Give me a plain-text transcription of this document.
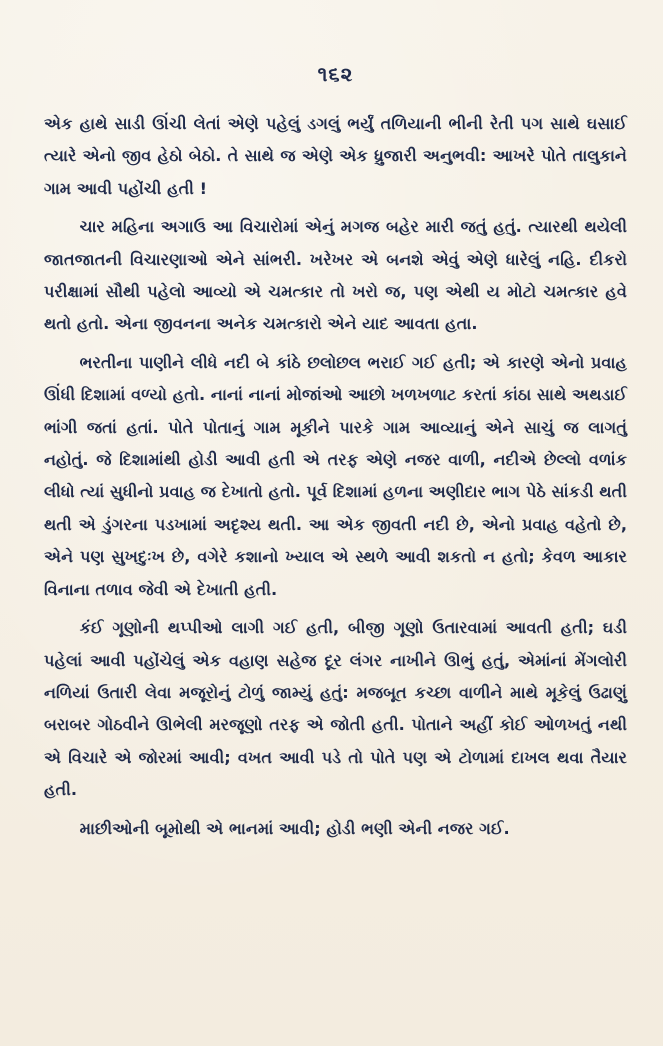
૧૬૨

એક હાથે સાડી ઊંચી લેતાં એણે પહેલું ડગલું ભર્યું તળિયાની ભીની રેતી પગ સાથે ઘસાઈ ત્યારે એનો જીવ હેઠો બેઠો. તે સાથે જ એણે એક ધ્રુજારી અનુભવી: આખરે પોતે તાલુકાને ગામ આવી પહોંચી હતી !

ચાર મહિના અગાઉ આ વિચારોમાં એનું મગજ બહેર મારી જતું હતું. ત્યારથી થયેલી જાતજાતની વિચારણાઓ એને સાંભરી. ખરેખર એ બનશે એવું એણે ધારેલું નહિ. દીકરો પરીક્ષામાં સૌથી પહેલો આવ્યો એ ચમત્કાર તો ખરો જ, પણ એથી ય મોટો ચમત્કાર હવે થતો હતો. એના જીવનના અનેક ચમત્કારો એને યાદ આવતા હતા.

ભરતીના પાણીને લીધે નદી બે કાંઠે છલોછલ ભરાઈ ગઈ હતી; એ કારણે એનો પ્રવાહ ઊંધી દિશામાં વળ્યો હતો. નાનાં નાનાં મોજાંઓ આછો ખળખળાટ કરતાં કાંઠા સાથે અથડાઈ ભાંગી જતાં હતાં. પોતે પોતાનું ગામ મૂકીને પારકે ગામ આવ્યાનું એને સાચું જ લાગતું નહોતું. જે દિશામાંથી હોડી આવી હતી એ તરફ એણે નજર વાળી, નદીએ છેલ્લો વળાંક લીધો ત્યાં સુધીનો પ્રવાહ જ દેખાતો હતો. પૂર્વ દિશામાં હળના અણીદાર ભાગ પેઠે સાંકડી થતી થતી એ ડુંગરના પડખામાં અદૃશ્ય થતી. આ એક જીવતી નદી છે, એનો પ્રવાહ વહેતો છે, એને પણ સુખદુઃખ છે, વગેરે કશાનો ખ્યાલ એ સ્થળે આવી શકતો ન હતો; કેવળ આકાર વિનાના તળાવ જેવી એ દેખાતી હતી.

કંઈ ગૂણોની થપ્પીઓ લાગી ગઈ હતી, બીજી ગૂણો ઉતારવામાં આવતી હતી; ઘડી પહેલાં આવી પહોંચેલું એક વહાણ સહેજ દૂર લંગર નાખીને ઊભું હતું, એમાંનાં મેંગલોરી નળિયાં ઉતારી લેવા મજૂરોનું ટોળું જામ્યું હતું: મજબૂત કચ્છા વાળીને માથે મૂકેલું ઉઢાણું બરાબર ગોઠવીને ઊભેલી મરજૂણો તરફ એ જોતી હતી. પોતાને અહીં કોઈ ઓળખતું નથી એ વિચારે એ જોરમાં આવી; વખત આવી પડે તો પોતે પણ એ ટોળામાં દાખલ થવા તૈયાર હતી.

માછીઓની બૂમોથી એ ભાનમાં આવી; હોડી ભણી એની નજર ગઈ.
